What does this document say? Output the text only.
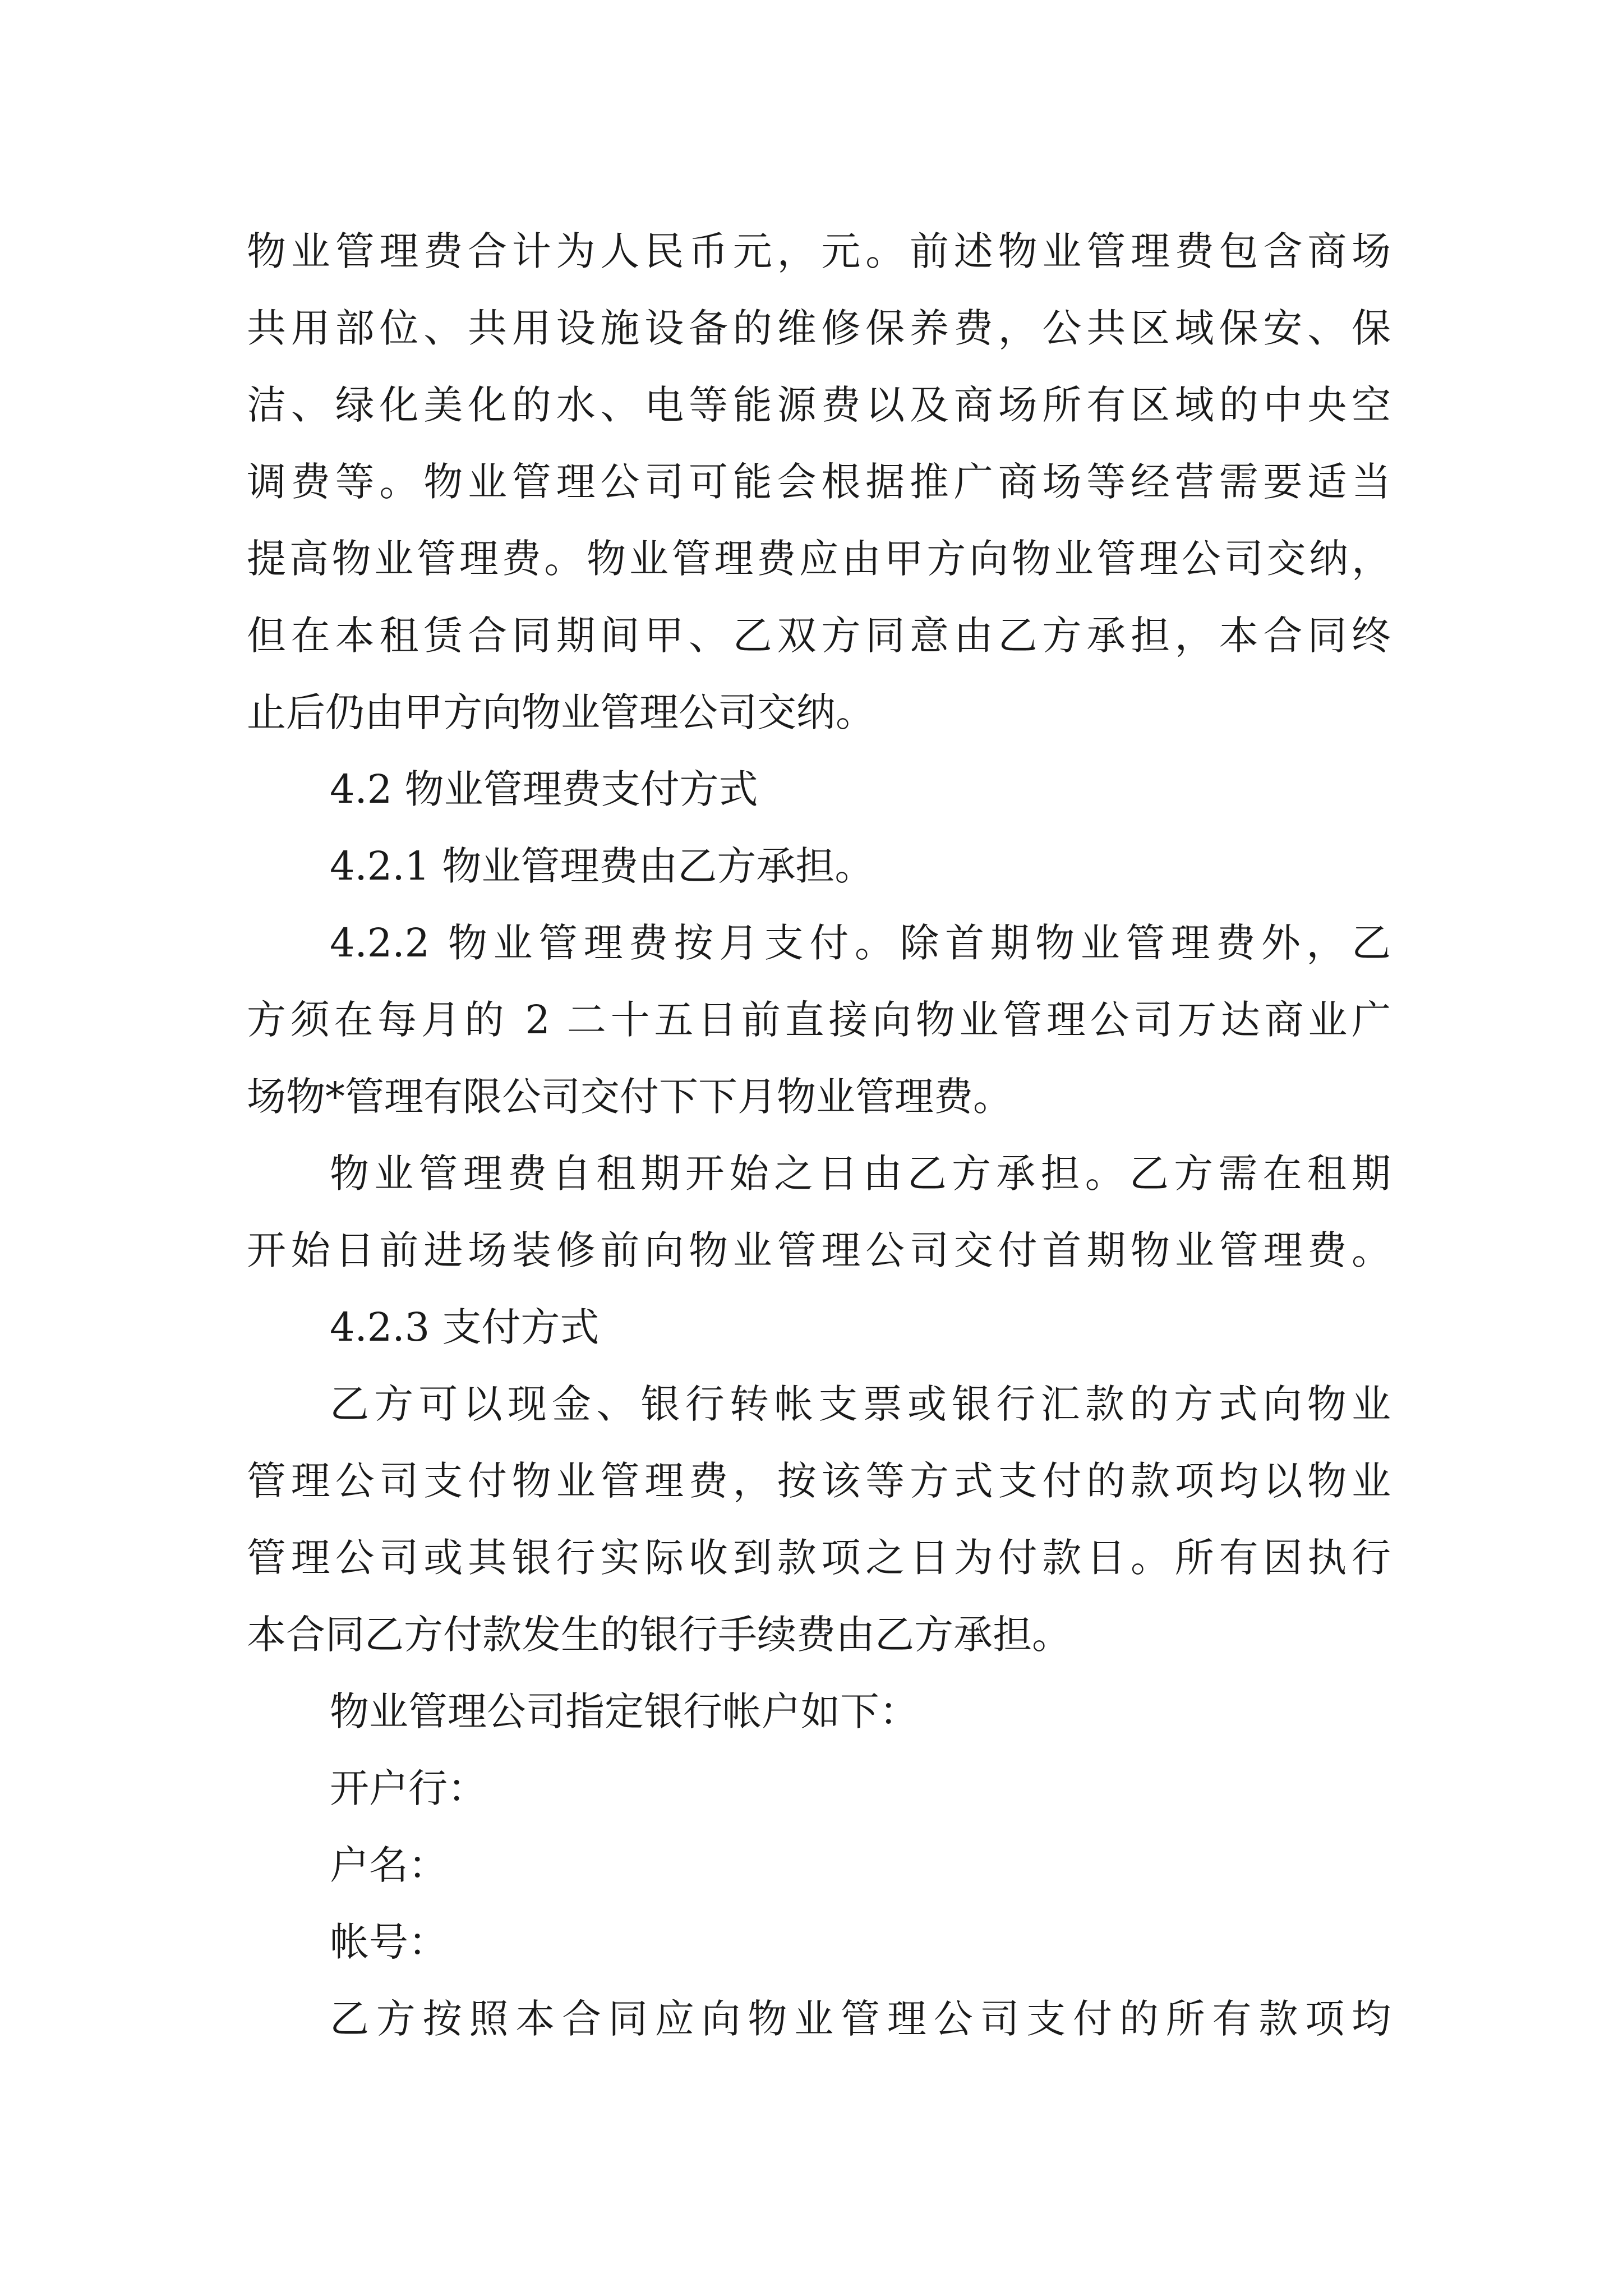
物业管理费合计为人民币元，元。前述物业管理费包含商场
共用部位、共用设施设备的维修保养费，公共区域保安、保
洁、绿化美化的水、电等能源费以及商场所有区域的中央空
调费等。物业管理公司可能会根据推广商场等经营需要适当
提高物业管理费。物业管理费应由甲方向物业管理公司交纳，
但在本租赁合同期间甲、乙双方同意由乙方承担，本合同终
止后仍由甲方向物业管理公司交纳。
4.2 物业管理费支付方式
4.2.1 物业管理费由乙方承担。
4.2.2 物业管理费按月支付。除首期物业管理费外，乙
方须在每月的 2 二十五日前直接向物业管理公司万达商业广
场物*管理有限公司交付下下月物业管理费。
物业管理费自租期开始之日由乙方承担。乙方需在租期
开始日前进场装修前向物业管理公司交付首期物业管理费。
4.2.3 支付方式
乙方可以现金、银行转帐支票或银行汇款的方式向物业
管理公司支付物业管理费，按该等方式支付的款项均以物业
管理公司或其银行实际收到款项之日为付款日。所有因执行
本合同乙方付款发生的银行手续费由乙方承担。
物业管理公司指定银行帐户如下：
开户行：
户名：
帐号：
乙方按照本合同应向物业管理公司支付的所有款项均
